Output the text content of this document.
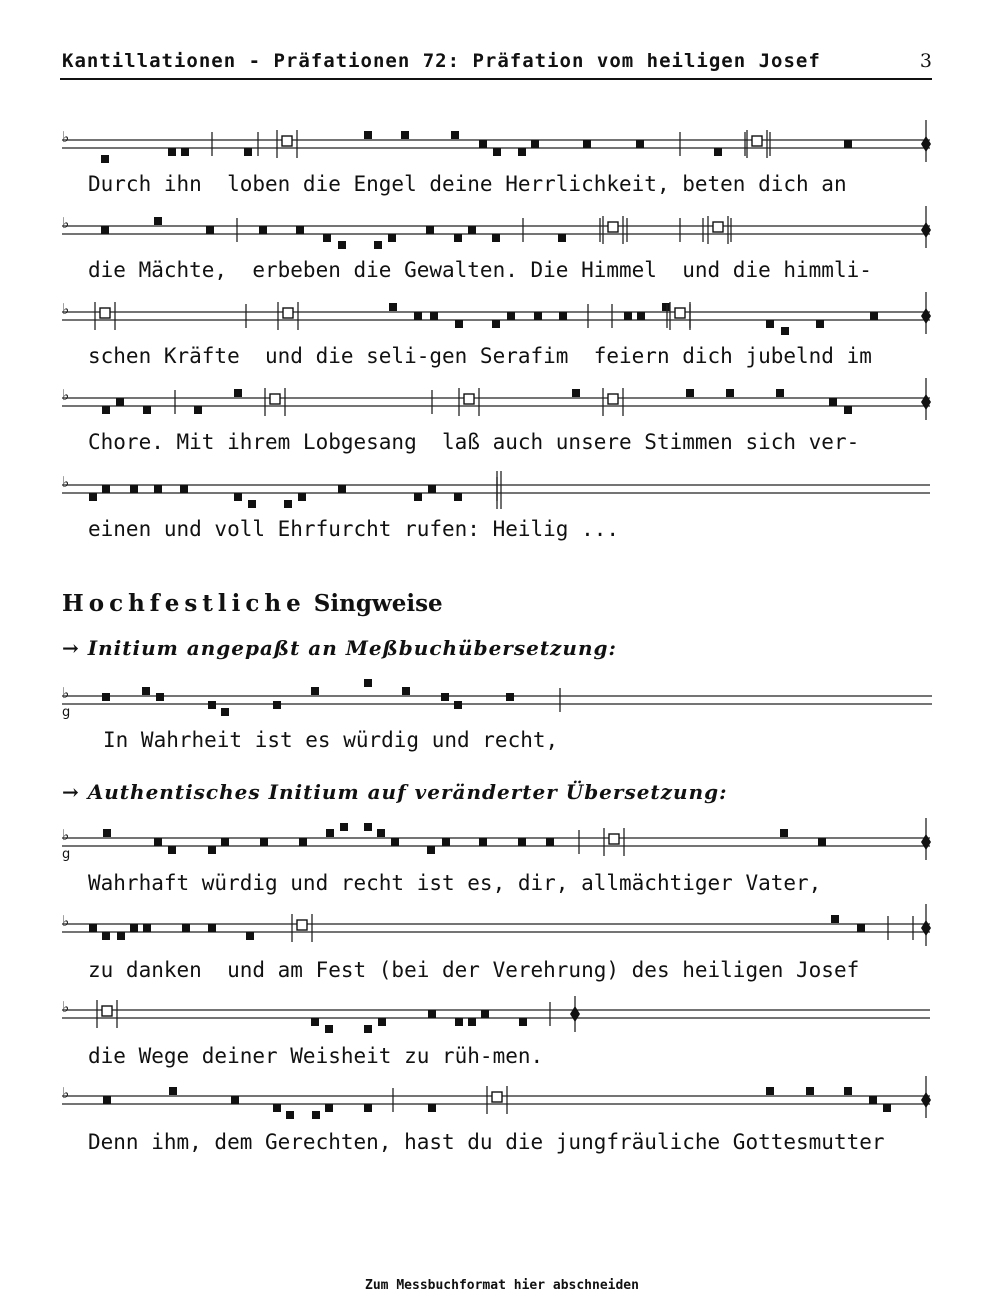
Kantillationen - Präfationen 72: Präfation vom heiligen Josef	3
♭
♭
♭
♭
♭
♭
g
♭
g
♭
♭
♭
Durch ihn  loben die Engel deine Herrlichkeit, beten dich an
die Mächte,  erbeben die Gewalten. Die Himmel  und die himmli-
schen Kräfte  und die seli-gen Serafim  feiern dich jubelnd im
Chore. Mit ihrem Lobgesang  laß auch unsere Stimmen sich ver-
einen und voll Ehrfurcht rufen: Heilig ...
Hochfestliche Singweise
→ Initium angepaßt an Meßbuchübersetzung:
In Wahrheit ist es würdig und recht,
→ Authentisches Initium auf veränderter Übersetzung:
Wahrhaft würdig und recht ist es, dir, allmächtiger Vater,
zu danken  und am Fest (bei der Verehrung) des heiligen Josef
die Wege deiner Weisheit zu rüh-men.
Denn ihm, dem Gerechten, hast du die jungfräuliche Gottesmutter
Zum Messbuchformat hier abschneiden
